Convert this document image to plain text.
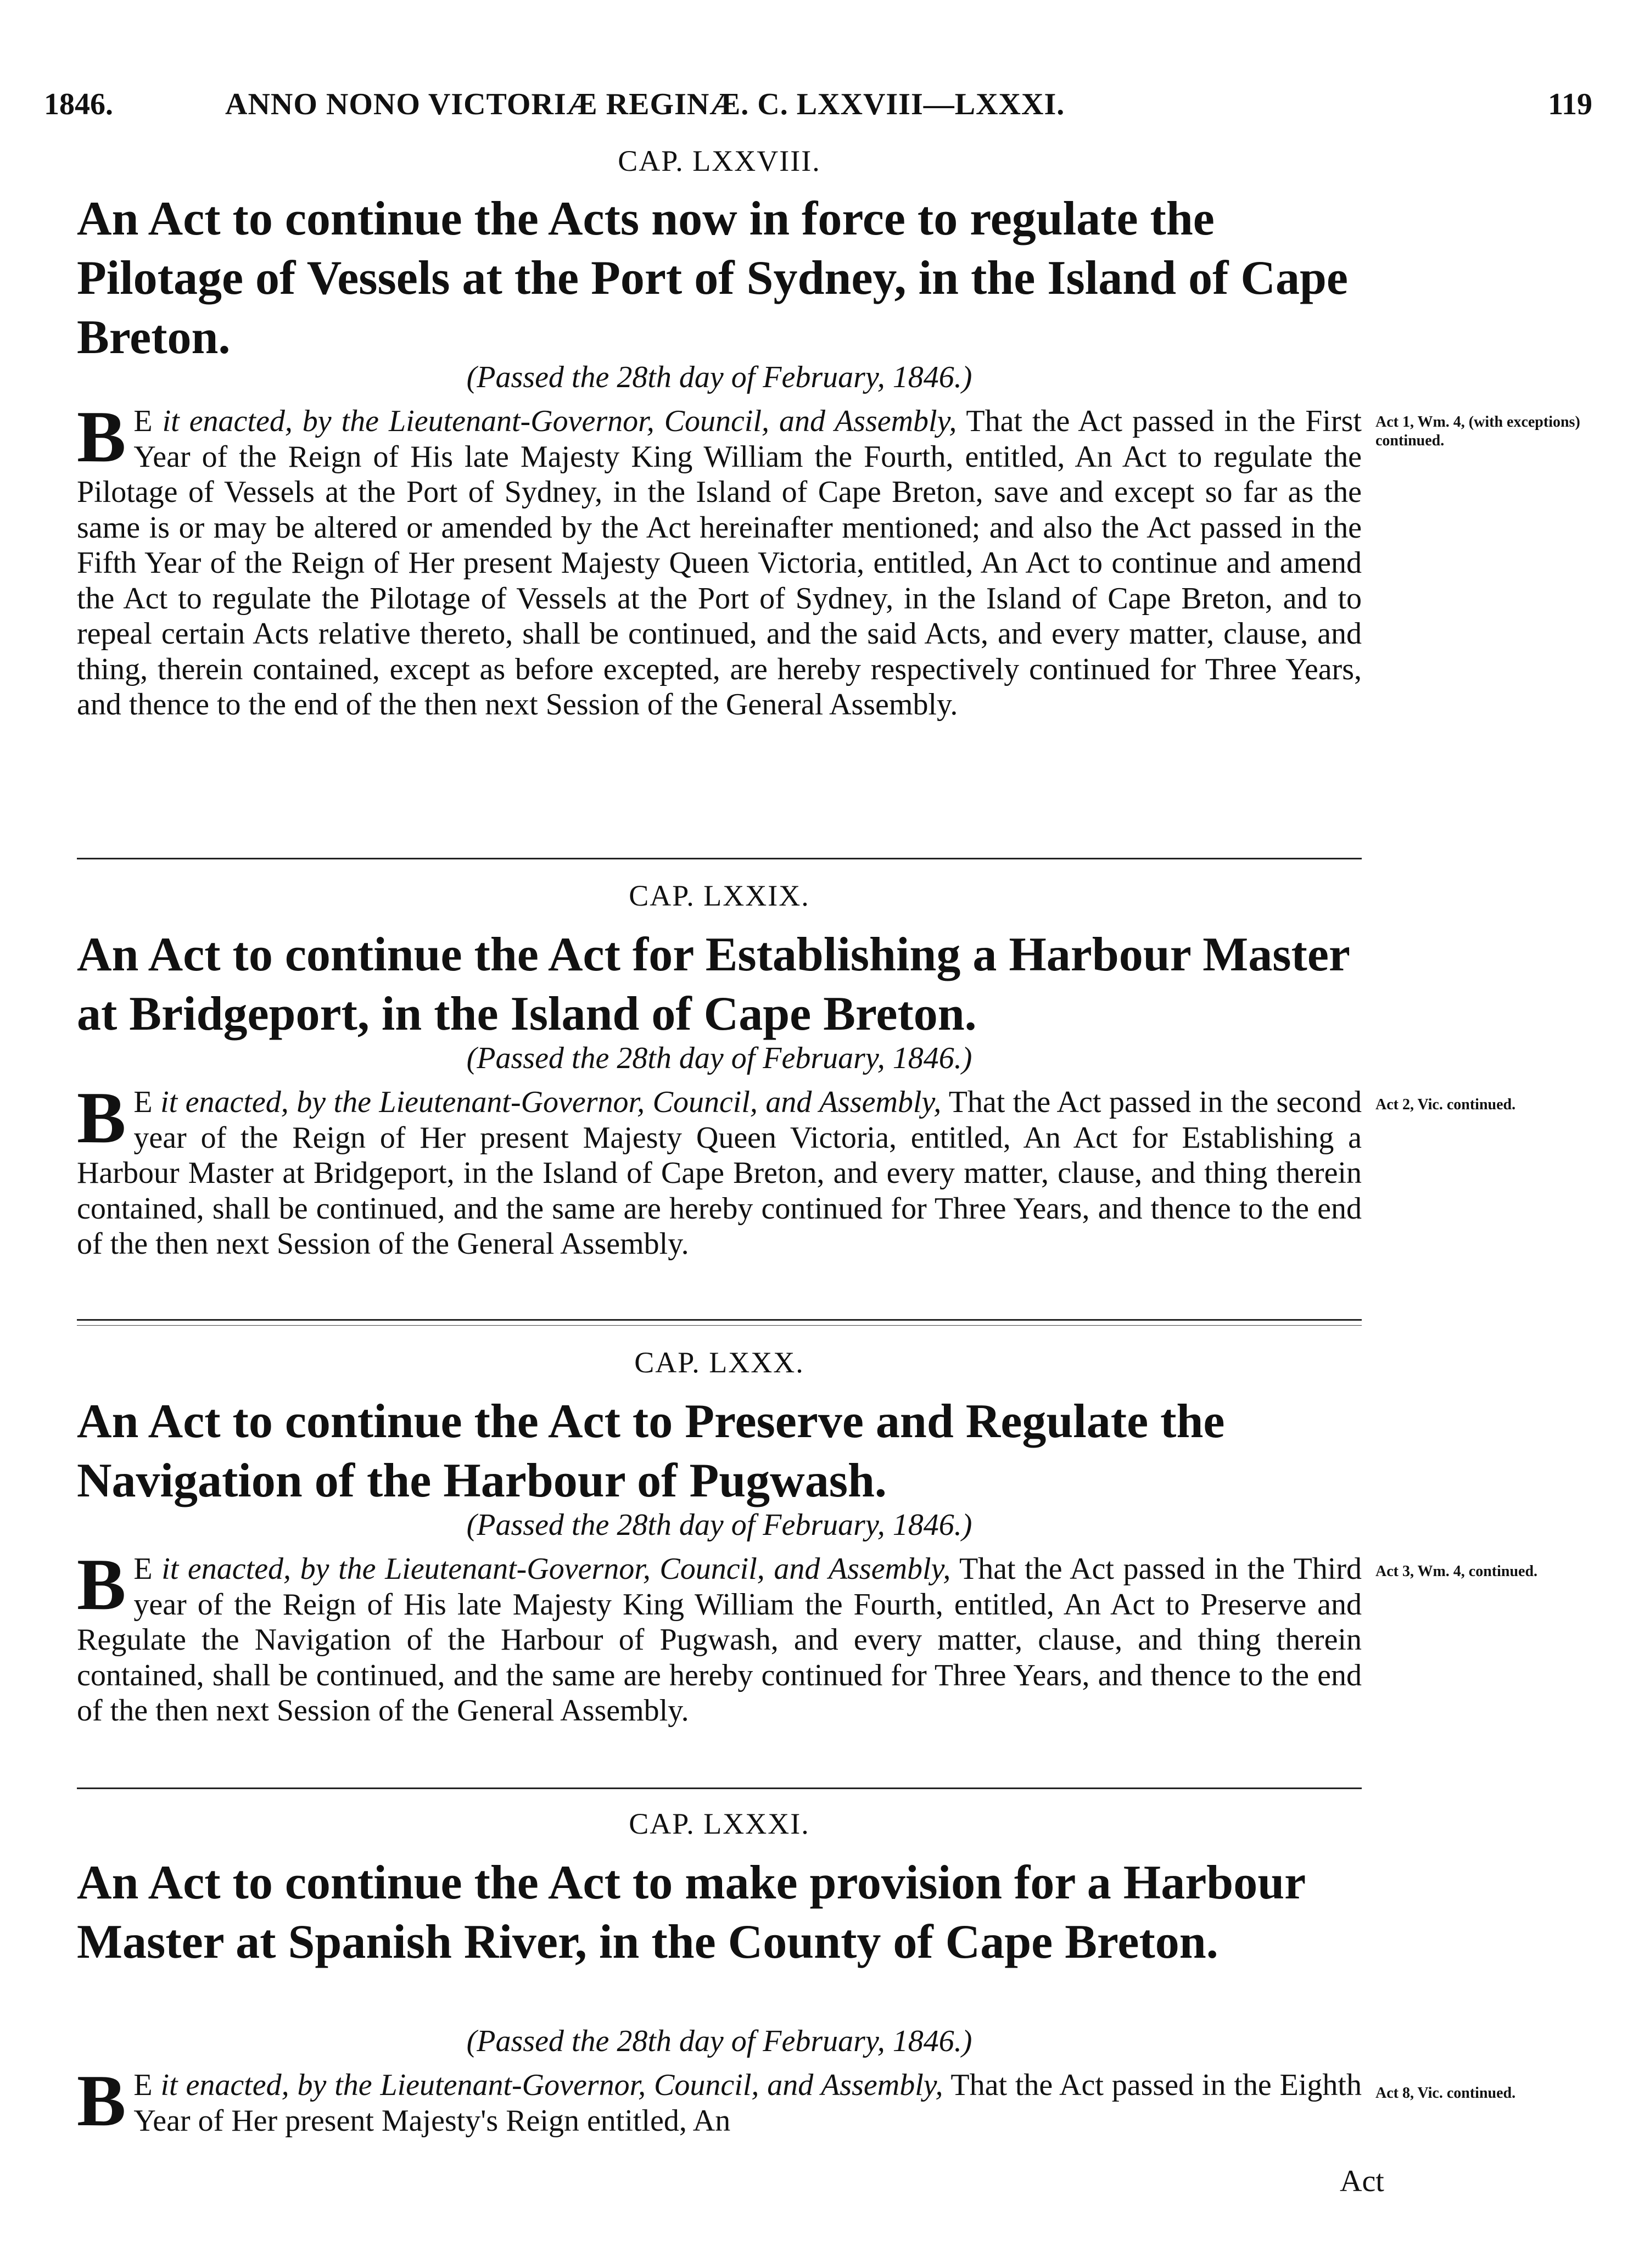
1846.	ANNO NONO VICTORIÆ REGINÆ. C. LXXVIII—LXXXI.	119
CAP. LXXVIII.
An Act to continue the Acts now in force to regulate the Pilotage of Vessels at the Port of Sydney, in the Island of Cape Breton.
(Passed the 28th day of February, 1846.)
B E it enacted, by the Lieutenant-Governor, Council, and Assembly, That the Act passed in the First Year of the Reign of His late Majesty King William the Fourth, entitled, An Act to regulate the Pilotage of Vessels at the Port of Sydney, in the Island of Cape Breton, save and except so far as the same is or may be altered or amended by the Act hereinafter mentioned; and also the Act passed in the Fifth Year of the Reign of Her present Majesty Queen Victoria, entitled, An Act to continue and amend the Act to regulate the Pilotage of Vessels at the Port of Sydney, in the Island of Cape Breton, and to repeal certain Acts relative thereto, shall be continued, and the said Acts, and every matter, clause, and thing, therein contained, except as before excepted, are hereby respectively continued for Three Years, and thence to the end of the then next Session of the General Assembly.
Act 1, Wm. 4, (with exceptions) continued.
CAP. LXXIX.
An Act to continue the Act for Establishing a Harbour Master at Bridgeport, in the Island of Cape Breton.
(Passed the 28th day of February, 1846.)
B E it enacted, by the Lieutenant-Governor, Council, and Assembly, That the Act passed in the second year of the Reign of Her present Majesty Queen Victoria, entitled, An Act for Establishing a Harbour Master at Bridgeport, in the Island of Cape Breton, and every matter, clause, and thing therein contained, shall be continued, and the same are hereby continued for Three Years, and thence to the end of the then next Session of the General Assembly.
Act 2, Vic. continued.
CAP. LXXX.
An Act to continue the Act to Preserve and Regulate the Navigation of the Harbour of Pugwash.
(Passed the 28th day of February, 1846.)
B E it enacted, by the Lieutenant-Governor, Council, and Assembly, That the Act passed in the Third year of the Reign of His late Majesty King William the Fourth, entitled, An Act to Preserve and Regulate the Navigation of the Harbour of Pugwash, and every matter, clause, and thing therein contained, shall be continued, and the same are hereby continued for Three Years, and thence to the end of the then next Session of the General Assembly.
Act 3, Wm. 4, continued.
CAP. LXXXI.
An Act to continue the Act to make provision for a Harbour Master at Spanish River, in the County of Cape Breton.
(Passed the 28th day of February, 1846.)
B E it enacted, by the Lieutenant-Governor, Council, and Assembly, That the Act passed in the Eighth Year of Her present Majesty's Reign entitled, An
Act 8, Vic. continued.
Act
